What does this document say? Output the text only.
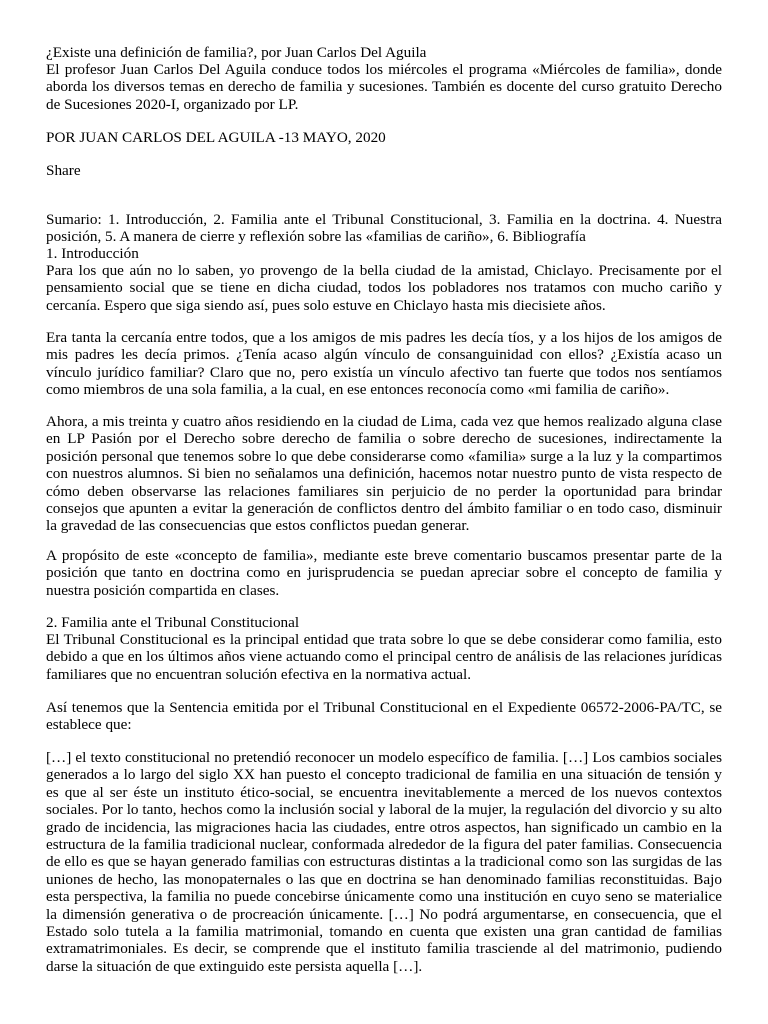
¿Existe una definición de familia?, por Juan Carlos Del Aguila

El profesor Juan Carlos Del Aguila conduce todos los miércoles el programa «Miércoles de familia», donde aborda los diversos temas en derecho de familia y sucesiones. También es docente del curso gratuito Derecho de Sucesiones 2020-I, organizado por LP.

POR JUAN CARLOS DEL AGUILA -13 MAYO, 2020

Share

Sumario: 1. Introducción, 2. Familia ante el Tribunal Constitucional, 3. Familia en la doctrina. 4. Nuestra posición, 5. A manera de cierre y reflexión sobre las «familias de cariño», 6. Bibliografía

1. Introducción

Para los que aún no lo saben, yo provengo de la bella ciudad de la amistad, Chiclayo. Precisamente por el pensamiento social que se tiene en dicha ciudad, todos los pobladores nos tratamos con mucho cariño y cercanía. Espero que siga siendo así, pues solo estuve en Chiclayo hasta mis diecisiete años.

Era tanta la cercanía entre todos, que a los amigos de mis padres les decía tíos, y a los hijos de los amigos de mis padres les decía primos. ¿Tenía acaso algún vínculo de consanguinidad con ellos? ¿Existía acaso un vínculo jurídico familiar? Claro que no, pero existía un vínculo afectivo tan fuerte que todos nos sentíamos como miembros de una sola familia, a la cual, en ese entonces reconocía como «mi familia de cariño».

Ahora, a mis treinta y cuatro años residiendo en la ciudad de Lima, cada vez que hemos realizado alguna clase en LP Pasión por el Derecho sobre derecho de familia o sobre derecho de sucesiones, indirectamente la posición personal que tenemos sobre lo que debe considerarse como «familia» surge a la luz y la compartimos con nuestros alumnos. Si bien no señalamos una definición, hacemos notar nuestro punto de vista respecto de cómo deben observarse las relaciones familiares sin perjuicio de no perder la oportunidad para brindar consejos que apunten a evitar la generación de conflictos dentro del ámbito familiar o en todo caso, disminuir la gravedad de las consecuencias que estos conflictos puedan generar.

A propósito de este «concepto de familia», mediante este breve comentario buscamos presentar parte de la posición que tanto en doctrina como en jurisprudencia se puedan apreciar sobre el concepto de familia y nuestra posición compartida en clases.

2. Familia ante el Tribunal Constitucional

El Tribunal Constitucional es la principal entidad que trata sobre lo que se debe considerar como familia, esto debido a que en los últimos años viene actuando como el principal centro de análisis de las relaciones jurídicas familiares que no encuentran solución efectiva en la normativa actual.

Así tenemos que la Sentencia emitida por el Tribunal Constitucional en el Expediente 06572-2006-PA/TC, se establece que:

[…] el texto constitucional no pretendió reconocer un modelo específico de familia. […] Los cambios sociales generados a lo largo del siglo XX han puesto el concepto tradicional de familia en una situación de tensión y es que al ser éste un instituto ético-social, se encuentra inevitablemente a merced de los nuevos contextos sociales. Por lo tanto, hechos como la inclusión social y laboral de la mujer, la regulación del divorcio y su alto grado de incidencia, las migraciones hacia las ciudades, entre otros aspectos, han significado un cambio en la estructura de la familia tradicional nuclear, conformada alrededor de la figura del pater familias. Consecuencia de ello es que se hayan generado familias con estructuras distintas a la tradicional como son las surgidas de las uniones de hecho, las monopaternales o las que en doctrina se han denominado familias reconstituidas. Bajo esta perspectiva, la familia no puede concebirse únicamente como una institución en cuyo seno se materialice la dimensión generativa o de procreación únicamente. […] No podrá argumentarse, en consecuencia, que el Estado solo tutela a la familia matrimonial, tomando en cuenta que existen una gran cantidad de familias extramatrimoniales. Es decir, se comprende que el instituto familia trasciende al del matrimonio, pudiendo darse la situación de que extinguido este persista aquella […].
